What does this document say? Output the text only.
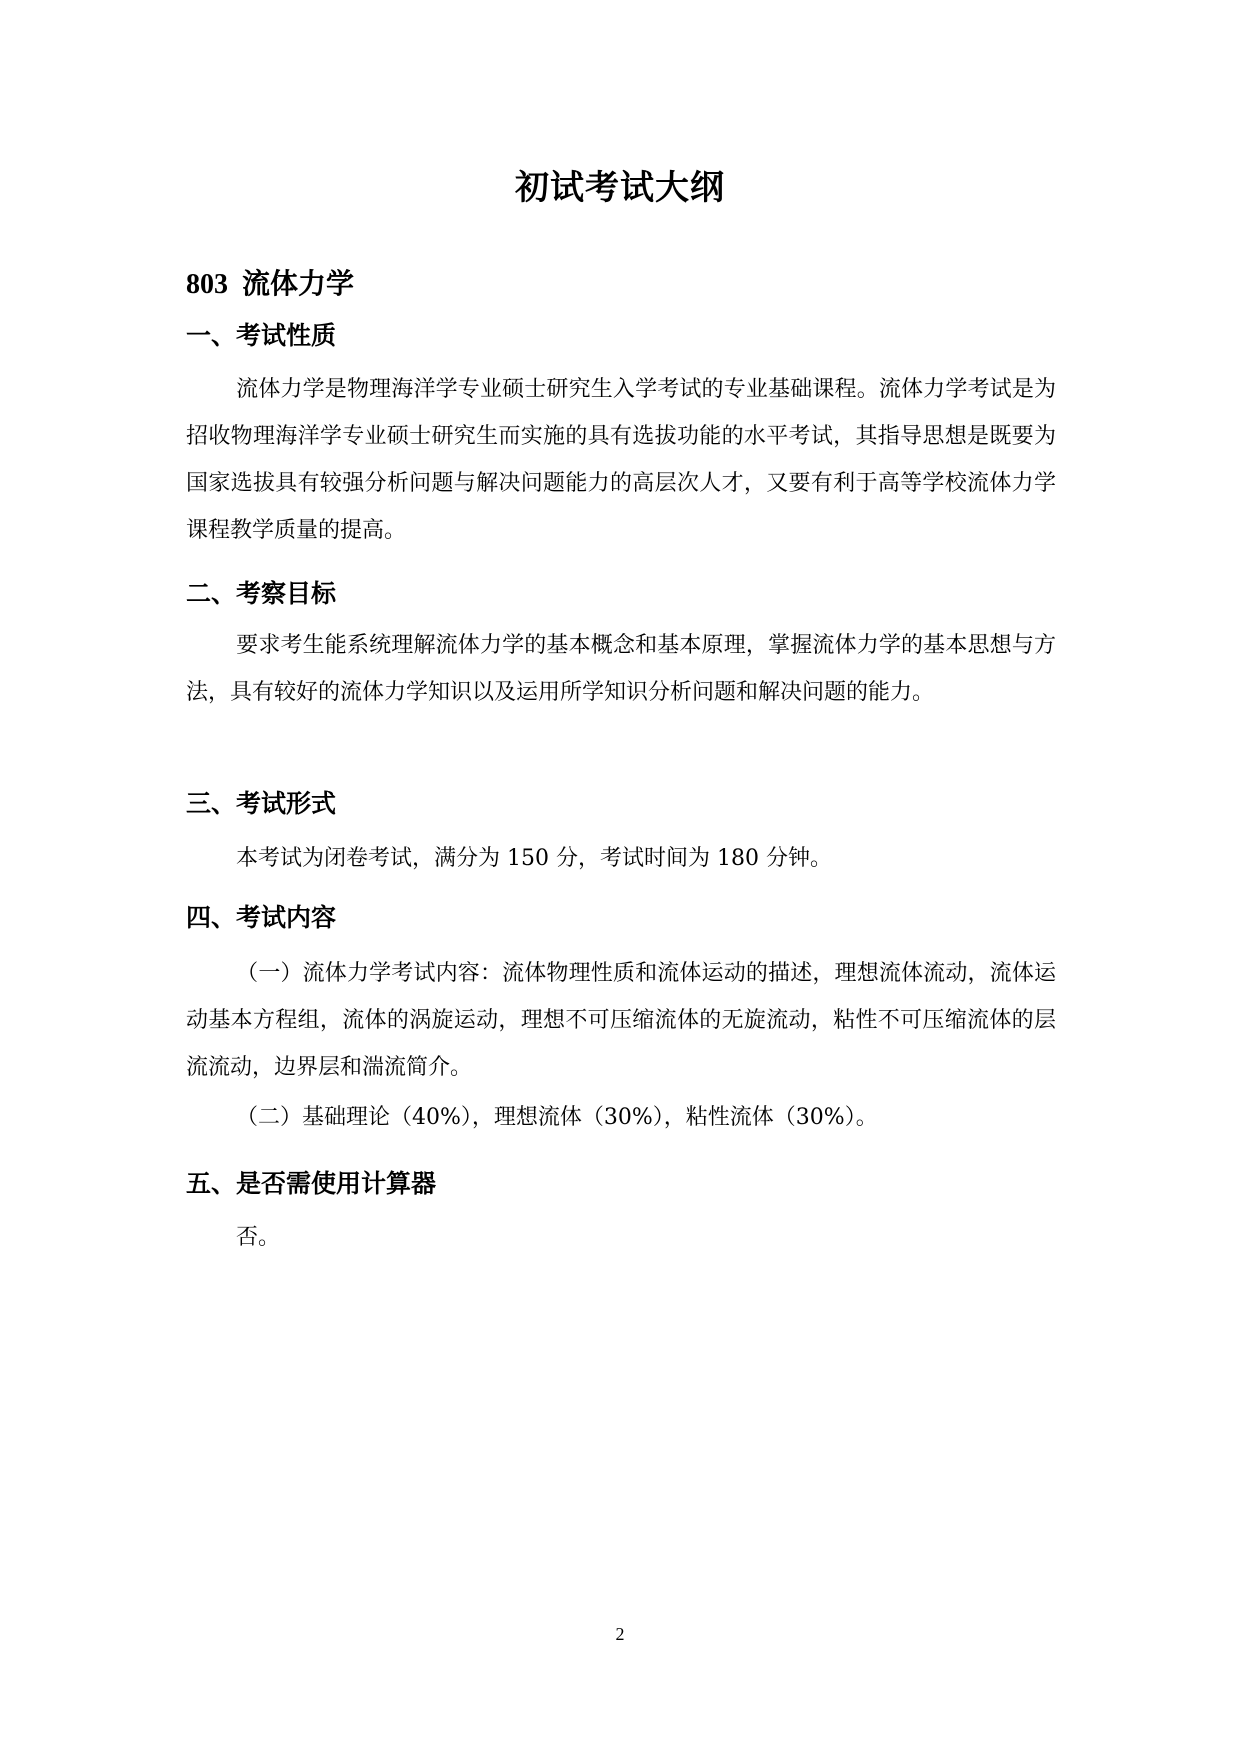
初试考试大纲
803 流体力学
一、考试性质
流体力学是物理海洋学专业硕士研究生入学考试的专业基础课程。流体力学考试是为招收物理海洋学专业硕士研究生而实施的具有选拔功能的水平考试，其指导思想是既要为国家选拔具有较强分析问题与解决问题能力的高层次人才，又要有利于高等学校流体力学课程教学质量的提高。
二、考察目标
要求考生能系统理解流体力学的基本概念和基本原理，掌握流体力学的基本思想与方法，具有较好的流体力学知识以及运用所学知识分析问题和解决问题的能力。
三、考试形式
本考试为闭卷考试，满分为 150 分，考试时间为 180 分钟。
四、考试内容
（一）流体力学考试内容：流体物理性质和流体运动的描述，理想流体流动，流体运动基本方程组，流体的涡旋运动，理想不可压缩流体的无旋流动，粘性不可压缩流体的层流流动，边界层和湍流简介。
（二）基础理论（40%），理想流体（30%），粘性流体（30%）。
五、是否需使用计算器
否。
2
